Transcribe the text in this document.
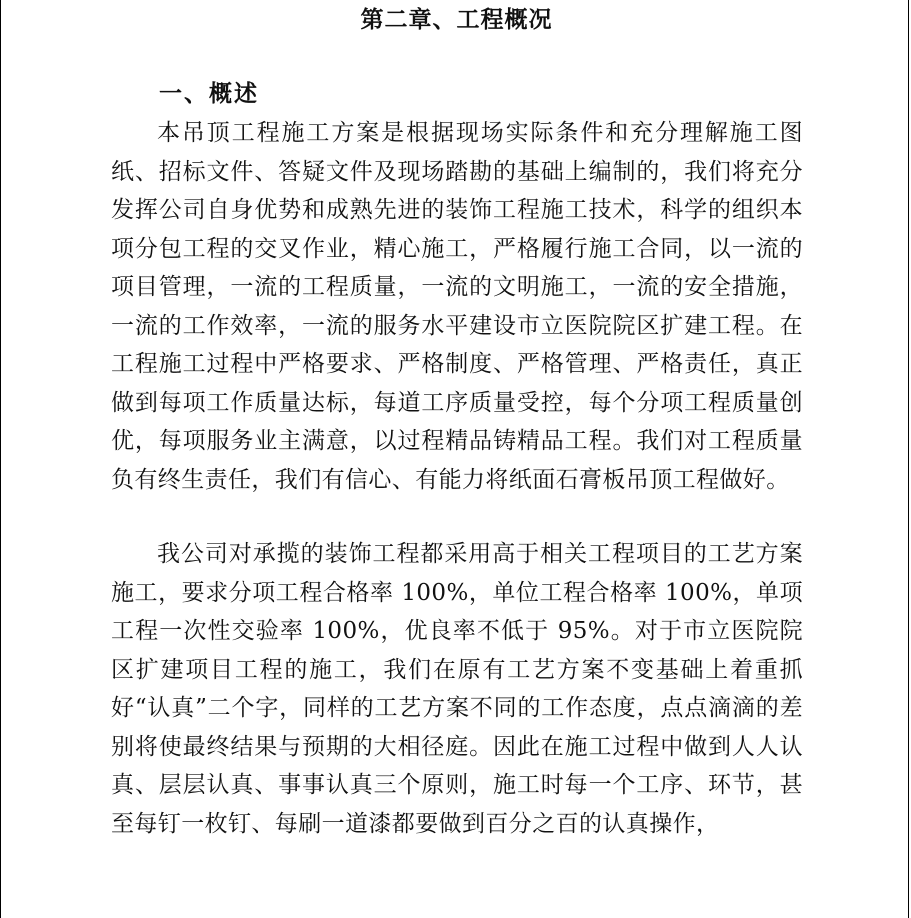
第二章、工程概况
一、概述

本吊顶工程施工方案是根据现场实际条件和充分理解施工图纸、招标文件、答疑文件及现场踏勘的基础上编制的，我们将充分发挥公司自身优势和成熟先进的装饰工程施工技术，科学的组织本项分包工程的交叉作业，精心施工，严格履行施工合同，以一流的项目管理，一流的工程质量，一流的文明施工，一流的安全措施，一流的工作效率，一流的服务水平建设市立医院院区扩建工程。在工程施工过程中严格要求、严格制度、严格管理、严格责任，真正做到每项工作质量达标，每道工序质量受控，每个分项工程质量创优，每项服务业主满意，以过程精品铸精品工程。我们对工程质量负有终生责任，我们有信心、有能力将纸面石膏板吊顶工程做好。

我公司对承揽的装饰工程都采用高于相关工程项目的工艺方案施工，要求分项工程合格率 100%，单位工程合格率 100%，单项工程一次性交验率 100%，优良率不低于 95%。对于市立医院院区扩建项目工程的施工，我们在原有工艺方案不变基础上着重抓好“认真”二个字，同样的工艺方案不同的工作态度，点点滴滴的差别将使最终结果与预期的大相径庭。因此在施工过程中做到人人认真、层层认真、事事认真三个原则，施工时每一个工序、环节，甚至每钉一枚钉、每刷一道漆都要做到百分之百的认真操作，
